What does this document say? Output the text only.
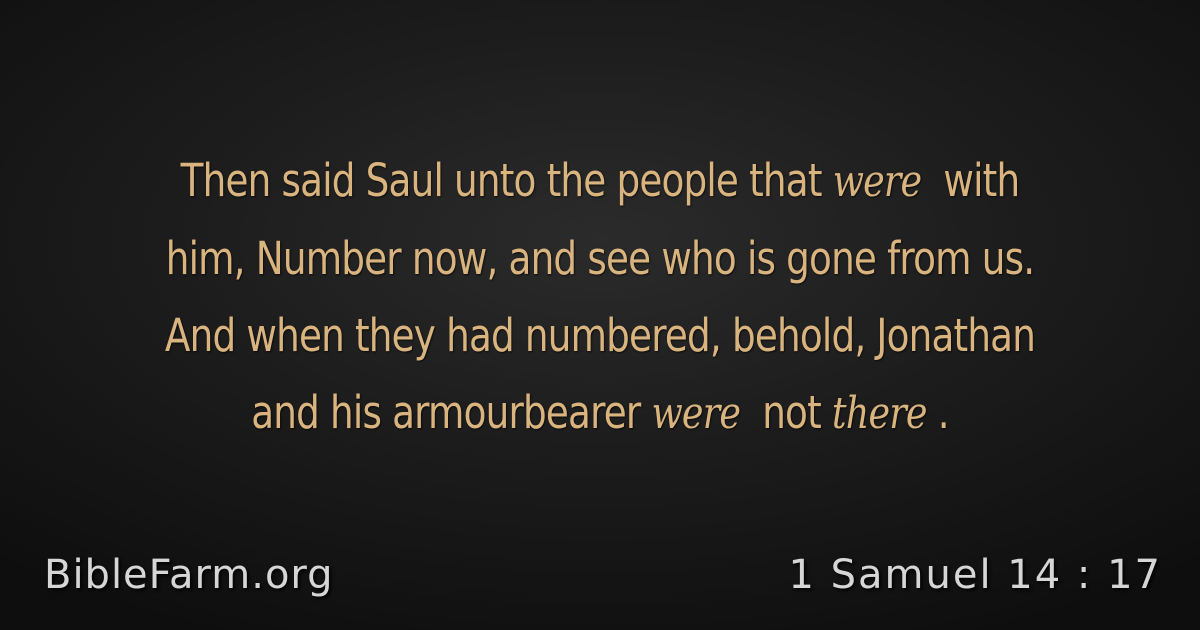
Then said Saul unto the people that were  with
him, Number now, and see who is gone from us.
And when they had numbered, behold, Jonathan
and his armourbearer were  not there .
BibleFarm.org	1 Samuel 14 : 17
